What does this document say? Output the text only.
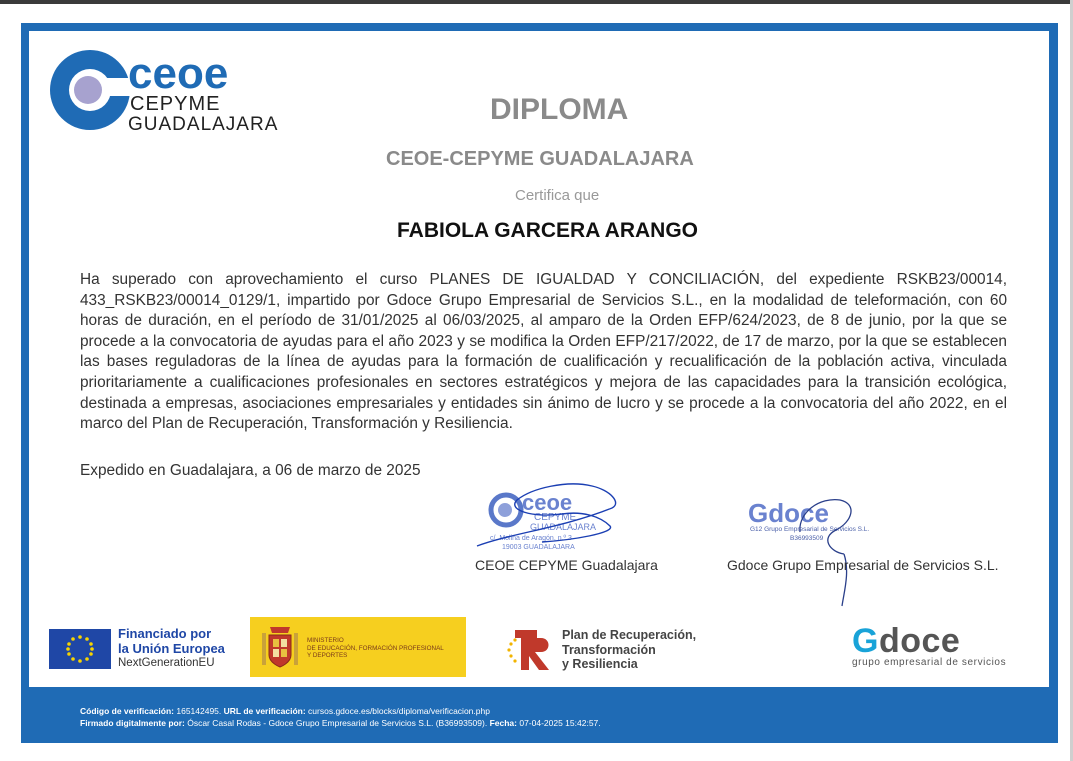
ceoe
CEPYME
GUADALAJARA	DIPLOMA
CEOE-CEPYME GUADALAJARA
Certifica que
FABIOLA GARCERA ARANGO
Ha superado con aprovechamiento el curso PLANES DE IGUALDAD Y CONCILIACIÓN, del expediente RSKB23/00014, 433_RSKB23/00014_0129/1, impartido por Gdoce Grupo Empresarial de Servicios S.L., en la modalidad de teleformación, con 60 horas de duración, en el período de 31/01/2025 al 06/03/2025, al amparo de la Orden EFP/624/2023, de 8 de junio, por la que se procede a la convocatoria de ayudas para el año 2023 y se modifica la Orden EFP/217/2022, de 17 de marzo, por la que se establecen las bases reguladoras de la línea de ayudas para la formación de cualificación y recualificación de la población activa, vinculada prioritariamente a cualificaciones profesionales en sectores estratégicos y mejora de las capacidades para la transición ecológica, destinada a empresas, asociaciones empresariales y entidades sin ánimo de lucro y se procede a la convocatoria del año 2022, en el marco del Plan de Recuperación, Transformación y Resiliencia.
Expedido en Guadalajara, a 06 de marzo de 2025
ceoe
CEPYME
GUADALAJARA
c/. Molina de Aragón, n.º 3
19003 GUADALAJARA
CEOE CEPYME Guadalajara
Gdoce
G12 Grupo Empresarial de Servicios S.L.
B36993509
Gdoce Grupo Empresarial de Servicios S.L.
Financiado por
la Unión Europea
NextGenerationEU
MINISTERIO
DE EDUCACIÓN, FORMACIÓN PROFESIONAL
Y DEPORTES
Plan de Recuperación,
Transformación
y Resiliencia
Gdoce
grupo empresarial de servicios
Código de verificación: 165142495. URL de verificación: cursos.gdoce.es/blocks/diploma/verificacion.php
Firmado digitalmente por: Óscar Casal Rodas - Gdoce Grupo Empresarial de Servicios S.L. (B36993509). Fecha: 07-04-2025 15:42:57.
